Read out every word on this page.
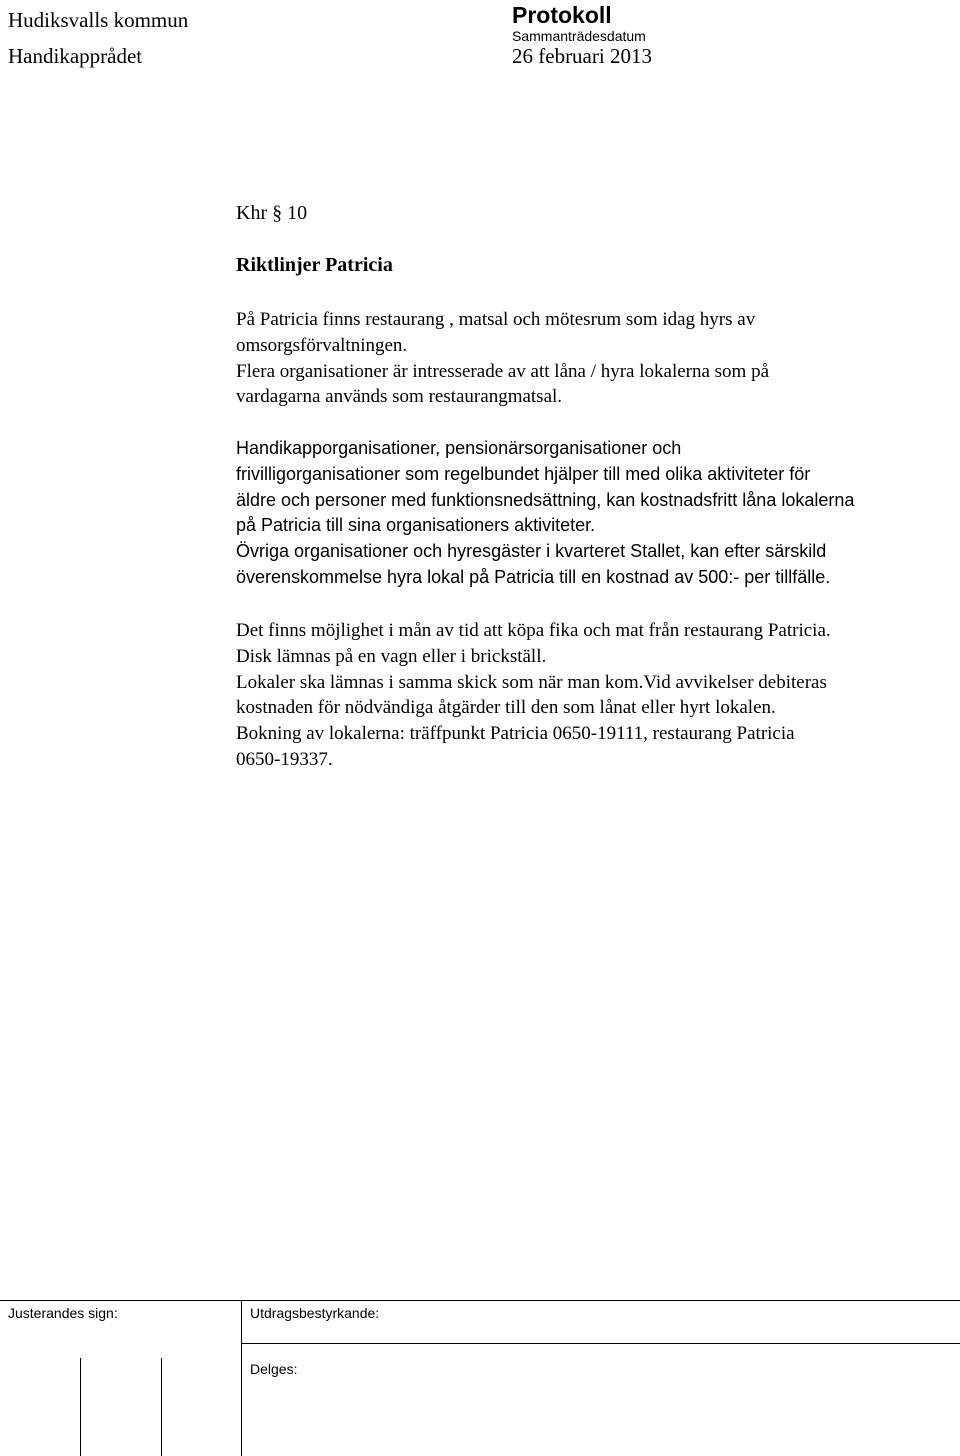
Hudiksvalls kommun
Handikapprådet
Protokoll
Sammanträdesdatum
26 februari 2013
Khr § 10
Riktlinjer Patricia

På Patricia finns restaurang , matsal och mötesrum som idag hyrs av

omsorgsförvaltningen.

Flera organisationer är intresserade av att låna / hyra lokalerna som på

vardagarna används som restaurangmatsal.

Handikapporganisationer, pensionärsorganisationer och

frivilligorganisationer som regelbundet hjälper till med olika aktiviteter för

äldre och personer med funktionsnedsättning, kan kostnadsfritt låna lokalerna

på Patricia till sina organisationers aktiviteter.

Övriga organisationer och hyresgäster i kvarteret Stallet, kan efter särskild

överenskommelse hyra lokal på Patricia till en kostnad av 500:- per tillfälle.

Det finns möjlighet i mån av tid att köpa fika och mat från restaurang Patricia.

Disk lämnas på en vagn eller i brickställ.

Lokaler ska lämnas i samma skick som när man kom.Vid avvikelser debiteras

kostnaden för nödvändiga åtgärder till den som lånat eller hyrt lokalen.

Bokning av lokalerna: träffpunkt Patricia 0650-19111, restaurang Patricia

0650-19337.

Justerandes sign:	Utdragsbestyrkande:
Delges:
